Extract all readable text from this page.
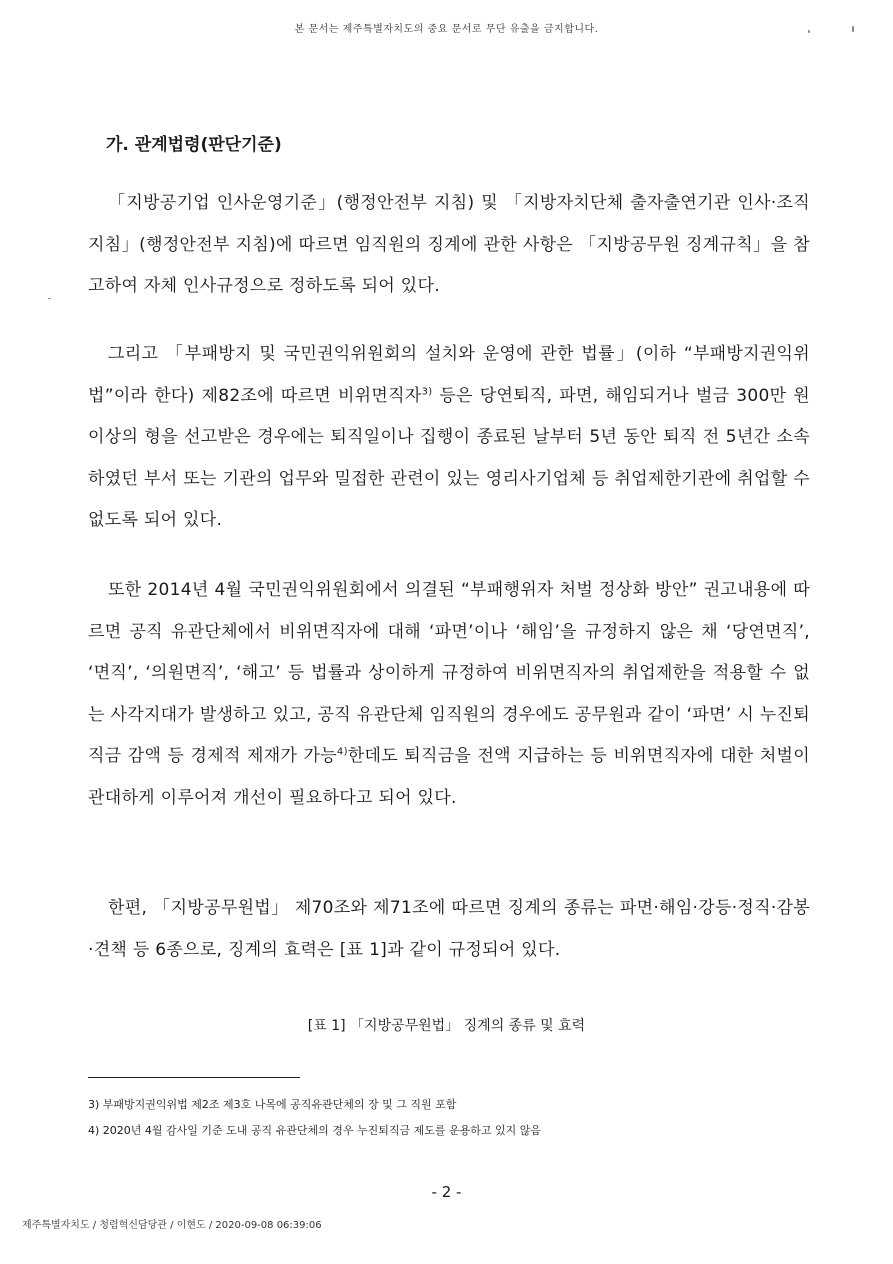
본 문서는 제주특별자치도의 중요 문서로 무단 유출을 금지합니다.
가. 관계법령(판단기준)

「지방공기업 인사운영기준」(행정안전부 지침) 및 「지방자치단체 출자출연기관 인사·조직지침」(행정안전부 지침)에 따르면 임직원의 징계에 관한 사항은 「지방공무원 징계규칙」을 참고하여 자체 인사규정으로 정하도록 되어 있다.

그리고 「부패방지 및 국민권익위원회의 설치와 운영에 관한 법률」(이하 “부패방지권익위법”이라 한다) 제82조에 따르면 비위면직자$^{3)}$ 등은 당연퇴직, 파면, 해임되거나 벌금 300만 원 이상의 형을 선고받은 경우에는 퇴직일이나 집행이 종료된 날부터 5년 동안 퇴직 전 5년간 소속하였던 부서 또는 기관의 업무와 밀접한 관련이 있는 영리사기업체 등 취업제한기관에 취업할 수 없도록 되어 있다.

또한 2014년 4월 국민권익위원회에서 의결된 “부패행위자 처벌 정상화 방안” 권고내용에 따르면 공직 유관단체에서 비위면직자에 대해 ‘파면’이나 ‘해임’을 규정하지 않은 채 ‘당연면직’, ‘면직’, ‘의원면직’, ‘해고’ 등 법률과 상이하게 규정하여 비위면직자의 취업제한을 적용할 수 없는 사각지대가 발생하고 있고, 공직 유관단체 임직원의 경우에도 공무원과 같이 ‘파면’ 시 누진퇴직금 감액 등 경제적 제재가 가능$^{4)}$한데도 퇴직금을 전액 지급하는 등 비위면직자에 대한 처벌이 관대하게 이루어져 개선이 필요하다고 되어 있다.

한편, 「지방공무원법」 제70조와 제71조에 따르면 징계의 종류는 파면·해임·강등·정직·감봉·견책 등 6종으로, 징계의 효력은 [표 1]과 같이 규정되어 있다.

[표 1] 「지방공무원법」 징계의 종류 및 효력
3) 부패방지권익위법 제2조 제3호 나목에 공직유관단체의 장 및 그 직원 포함
4) 2020년 4월 감사일 기준 도내 공직 유관단체의 경우 누진퇴직금 제도를 운용하고 있지 않음
- 2 -
제주특별자치도 / 청렴혁신담당관 / 이현도 / 2020-09-08 06:39:06
